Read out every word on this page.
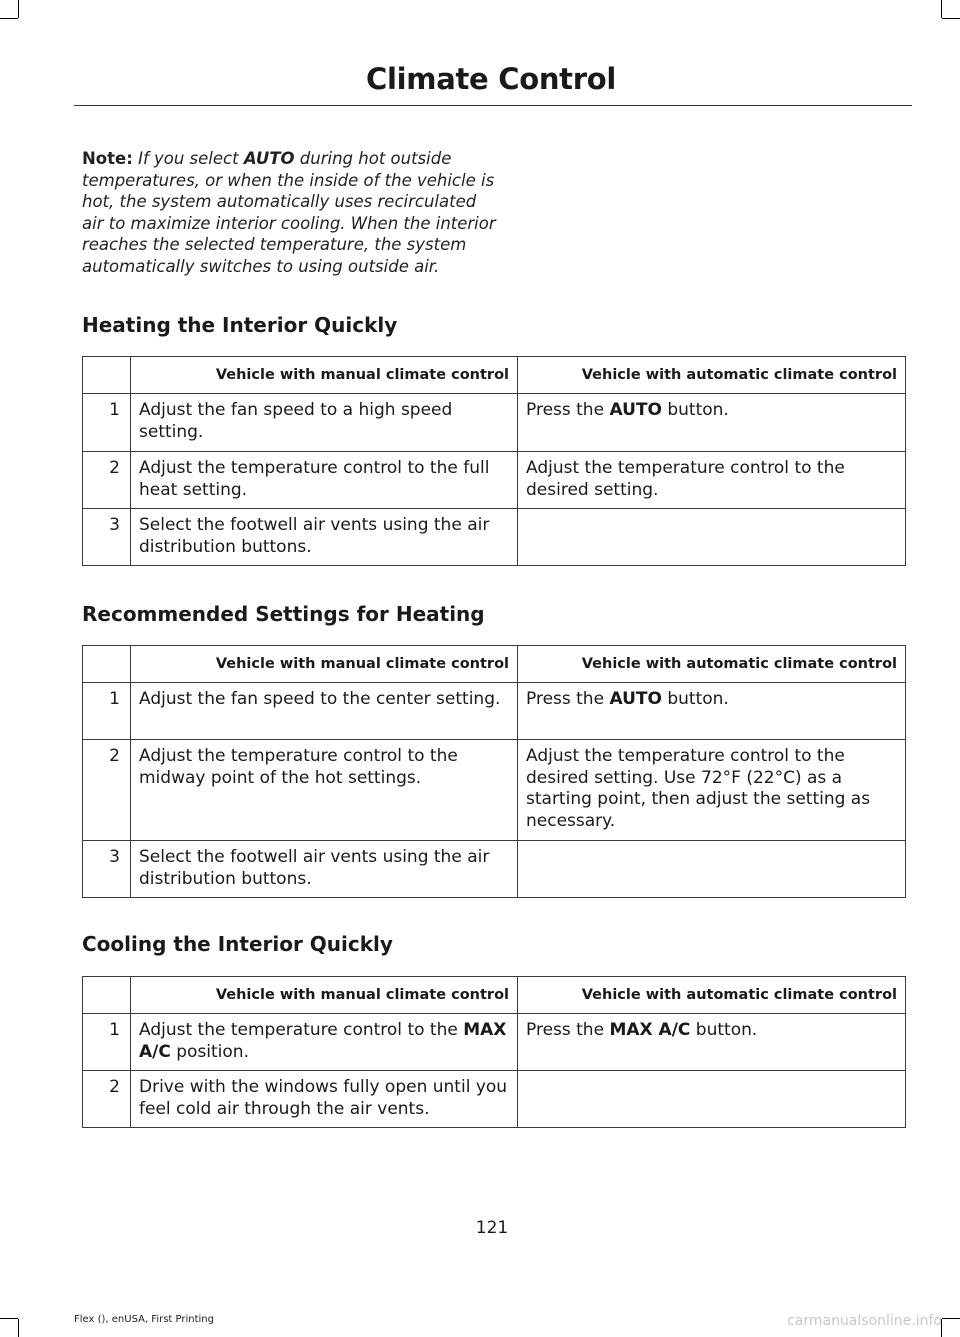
Climate Control
Note: If you select AUTO during hot outside temperatures, or when the inside of the vehicle is hot, the system automatically uses recirculated air to maximize interior cooling. When the interior reaches the selected temperature, the system automatically switches to using outside air.
Heating the Interior Quickly
	Vehicle with manual climate control	Vehicle with automatic climate control
1	Adjust the fan speed to a high speed setting.	Press the AUTO button.
2	Adjust the temperature control to the full heat setting.	Adjust the temperature control to the desired setting.
3	Select the footwell air vents using the air distribution buttons.	
Recommended Settings for Heating
	Vehicle with manual climate control	Vehicle with automatic climate control
1	Adjust the fan speed to the center setting.	Press the AUTO button.
2	Adjust the temperature control to the midway point of the hot settings.	Adjust the temperature control to the desired setting. Use 72°F (22°C) as a starting point, then adjust the setting as necessary.
3	Select the footwell air vents using the air distribution buttons.	
Cooling the Interior Quickly
	Vehicle with manual climate control	Vehicle with automatic climate control
1	Adjust the temperature control to the MAX A/C position.	Press the MAX A/C button.
2	Drive with the windows fully open until you feel cold air through the air vents.	
121
Flex (), enUSA, First Printing	carmanualsonline.info
